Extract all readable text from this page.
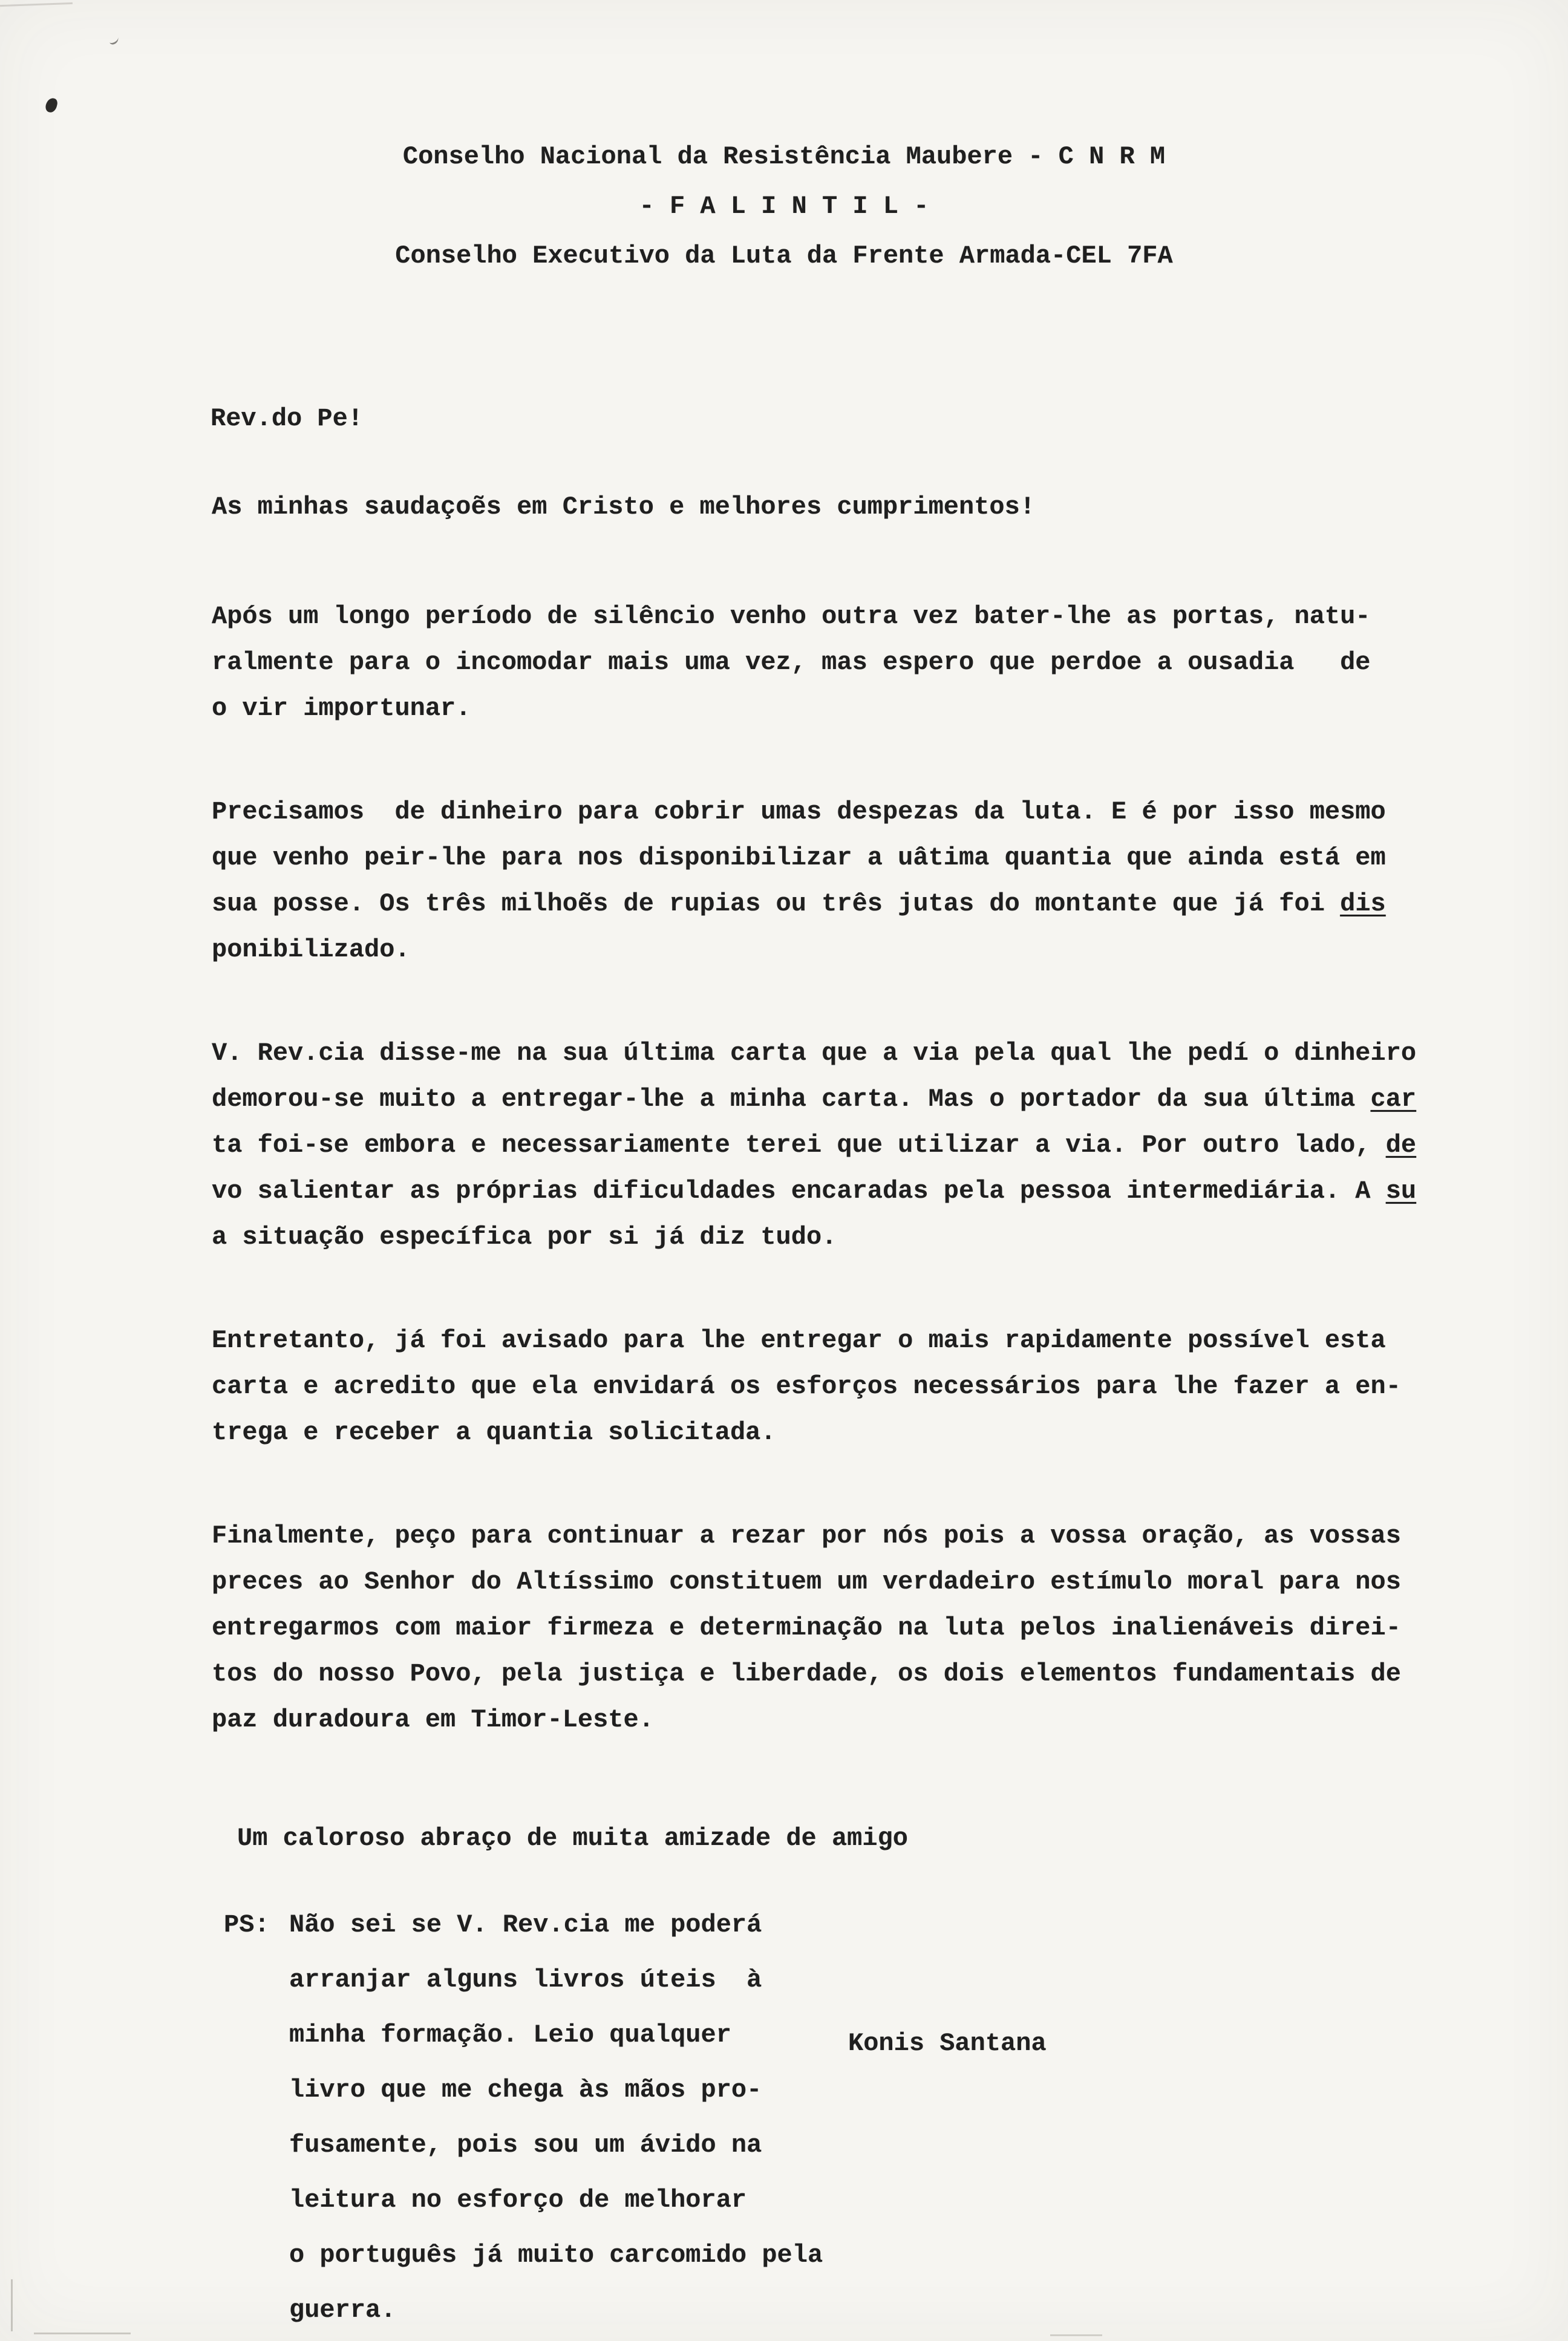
Conselho Nacional da Resistência Maubere - C N R M
- F A L I N T I L -
Conselho Executivo da Luta da Frente Armada-CEL 7FA
Rev.do Pe!
As minhas saudaçoẽs em Cristo e melhores cumprimentos!
Após um longo período de silêncio venho outra vez bater-lhe as portas, natu-
ralmente para o incomodar mais uma vez, mas espero que perdoe a ousadia   de
o vir importunar.
Precisamos  de dinheiro para cobrir umas despezas da luta. E é por isso mesmo
que venho peir-lhe para nos disponibilizar a uâtima quantia que ainda está em
sua posse. Os três milhoẽs de rupias ou três jutas do montante que já foi dis
ponibilizado.
V. Rev.cia disse-me na sua última carta que a via pela qual lhe pedí o dinheiro
demorou-se muito a entregar-lhe a minha carta. Mas o portador da sua última car
ta foi-se embora e necessariamente terei que utilizar a via. Por outro lado, de
vo salientar as próprias dificuldades encaradas pela pessoa intermediária. A su
a situação específica por si já diz tudo.
Entretanto, já foi avisado para lhe entregar o mais rapidamente possível esta
carta e acredito que ela envidará os esforços necessários para lhe fazer a en-
trega e receber a quantia solicitada.
Finalmente, peço para continuar a rezar por nós pois a vossa oração, as vossas
preces ao Senhor do Altíssimo constituem um verdadeiro estímulo moral para nos
entregarmos com maior firmeza e determinação na luta pelos inalienáveis direi-
tos do nosso Povo, pela justiça e liberdade, os dois elementos fundamentais de
paz duradoura em Timor-Leste.
Um caloroso abraço de muita amizade de amigo
PS: Não sei se V. Rev.cia me poderá
arranjar alguns livros úteis  à
minha formação. Leio qualquer
livro que me chega às mãos pro-
fusamente, pois sou um ávido na
leitura no esforço de melhorar
o português já muito carcomido pela
guerra.
Konis Santana
